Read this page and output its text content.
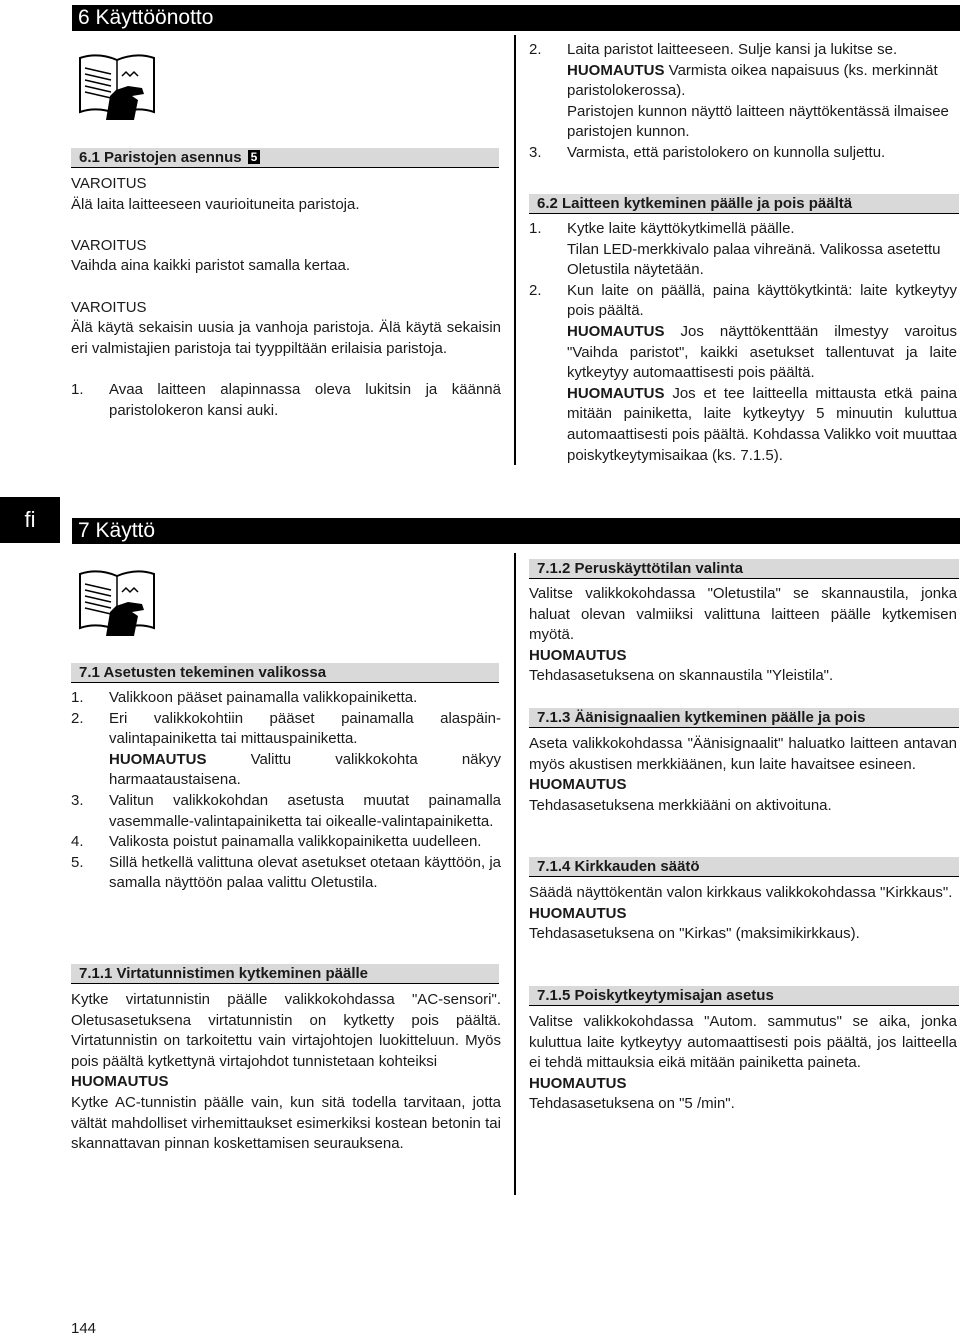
6 Käyttöönotto
6.1 Paristojen asennus 5

VAROITUS

Älä laita laitteeseen vaurioituneita paristoja.

VAROITUS

Vaihda aina kaikki paristot samalla kertaa.

VAROITUS

Älä käytä sekaisin uusia ja vanhoja paristoja. Älä käytä sekaisin eri valmistajien paristoja tai tyyppiltään erilaisia paristoja.

1.	Avaa laitteen alapinnassa oleva lukitsin ja käännä paristolokeron kansi auki.
2.	Laita paristot laitteeseen. Sulje kansi ja lukitse se.

HUOMAUTUS Varmista oikea napaisuus (ks. merkinnät paristolokerossa).

Paristojen kunnon näyttö laitteen näyttökentässä ilmaisee paristojen kunnon.

3.	Varmista, että paristolokero on kunnolla suljettu.
6.2 Laitteen kytkeminen päälle ja pois päältä
1.	Kytke laite käyttökytkimellä päälle.

Tilan LED-merkkivalo palaa vihreänä. Valikossa asetettu Oletustila näytetään.

2.	Kun laite on päällä, paina käyttökytkintä: laite kytkeytyy pois päältä.

HUOMAUTUS Jos näyttökenttään ilmestyy varoitus "Vaihda paristot", kaikki asetukset tallentuvat ja laite kytkeytyy automaattisesti pois päältä.

HUOMAUTUS Jos et tee laitteella mittausta etkä paina mitään painiketta, laite kytkeytyy 5 minuutin kuluttua automaattisesti pois päältä. Kohdassa Valikko voit muuttaa poiskytkeytymisaikaa (ks. 7.1.5).

fi	7 Käyttö
7.1 Asetusten tekeminen valikossa
1.	Valikkoon pääset painamalla valikkopainiketta.
2.	Eri valikkokohtiin pääset painamalla alaspäin-valintapainiketta tai mittauspainiketta.

HUOMAUTUS	Valittu valikkokohta näkyy harmaataustaisena.

3.	Valitun valikkokohdan asetusta muutat painamalla vasemmalle-valintapainiketta tai oikealle-valintapainiketta.
4.	Valikosta poistut painamalla valikkopainiketta uudelleen.
5.	Sillä hetkellä valittuna olevat asetukset otetaan käyttöön, ja samalla näyttöön palaa valittu Oletustila.
7.1.1 Virtatunnistimen kytkeminen päälle

Kytke virtatunnistin päälle valikkokohdassa "AC-sensori". Oletusasetuksena virtatunnistin on kytketty pois päältä. Virtatunnistin on tarkoitettu vain virtajohtojen luokitteluun. Myös pois päältä kytkettynä virtajohdot tunnistetaan kohteiksi

HUOMAUTUS

Kytke AC-tunnistin päälle vain, kun sitä todella tarvitaan, jotta vältät mahdolliset virhemittaukset esimerkiksi kostean betonin tai skannattavan pinnan koskettamisen seurauksena.

7.1.2 Peruskäyttötilan valinta

Valitse valikkokohdassa "Oletustila" se skannaustila, jonka haluat olevan valmiiksi valittuna laitteen päälle kytkemisen myötä.

HUOMAUTUS

Tehdasasetuksena on skannaustila "Yleistila".

7.1.3 Äänisignaalien kytkeminen päälle ja pois

Aseta valikkokohdassa "Äänisignaalit" haluatko laitteen antavan myös akustisen merkkiäänen, kun laite havaitsee esineen.

HUOMAUTUS

Tehdasasetuksena merkkiääni on aktivoituna.

7.1.4 Kirkkauden säätö

Säädä näyttökentän valon kirkkaus valikkokohdassa "Kirkkaus".

HUOMAUTUS

Tehdasasetuksena on "Kirkas" (maksimikirkkaus).

7.1.5 Poiskytkeytymisajan asetus

Valitse valikkokohdassa "Autom. sammutus" se aika, jonka kuluttua laite kytkeytyy automaattisesti pois päältä, jos laitteella ei tehdä mittauksia eikä mitään painiketta paineta.

HUOMAUTUS

Tehdasasetuksena on "5 /min".

144
